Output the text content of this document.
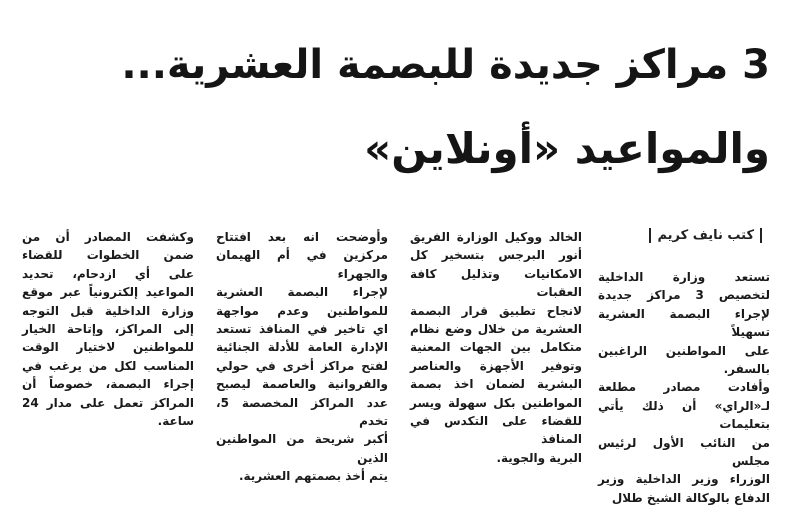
3 مراكز جديدة للبصمة العشرية...
والمواعيد «أونلاين»
كتب نايف كريم
تستعد وزارة الداخلية
لتخصيص 3 مراكز جديدة
لإجراء البصمة العشرية تسهيلاً
على المواطنين الراغبين بالسفر.
وأفادت مصادر مطلعة
لـ«الراي» أن ذلك يأتي بتعليمات
من النائب الأول لرئيس مجلس
الوزراء وزير الداخلية وزير
الدفاع بالوكالة الشيخ طلال
الخالد ووكيل الوزارة الفريق
أنور البرجس بتسخير كل
الامكانيات وتذليل كافة العقبات
لانجاح تطبيق قرار البصمة
العشرية من خلال وضع نظام
متكامل بين الجهات المعنية
وتوفير الأجهزة والعناصر
البشرية لضمان اخذ بصمة
المواطنين بكل سهولة ويسر
للقضاء على التكدس في المنافذ
البرية والجوية.
وأوضحت انه بعد افتتاح
مركزين في أم الهيمان والجهراء
لإجراء البصمة العشرية
للمواطنين وعدم مواجهة
اي تاخير في المنافذ تستعد
الإدارة العامة للأدلة الجنائية
لفتح مراكز أخرى في حولي
والفروانية والعاصمة ليصبح
عدد المراكز المخصصة 5، تخدم
أكبر شريحة من المواطنين الذين
يتم أخذ بصمتهم العشرية.
وكشفت المصادر أن من
ضمن الخطوات للقضاء
على أي ازدحام، تحديد
المواعيد إلكترونياً عبر موقع
وزارة الداخلية قبل التوجه
إلى المراكز، وإتاحة الخيار
للمواطنين لاختيار الوقت
المناسب لكل من يرغب في
إجراء البصمة، خصوصاً أن
المراكز تعمل على مدار 24
ساعة.
